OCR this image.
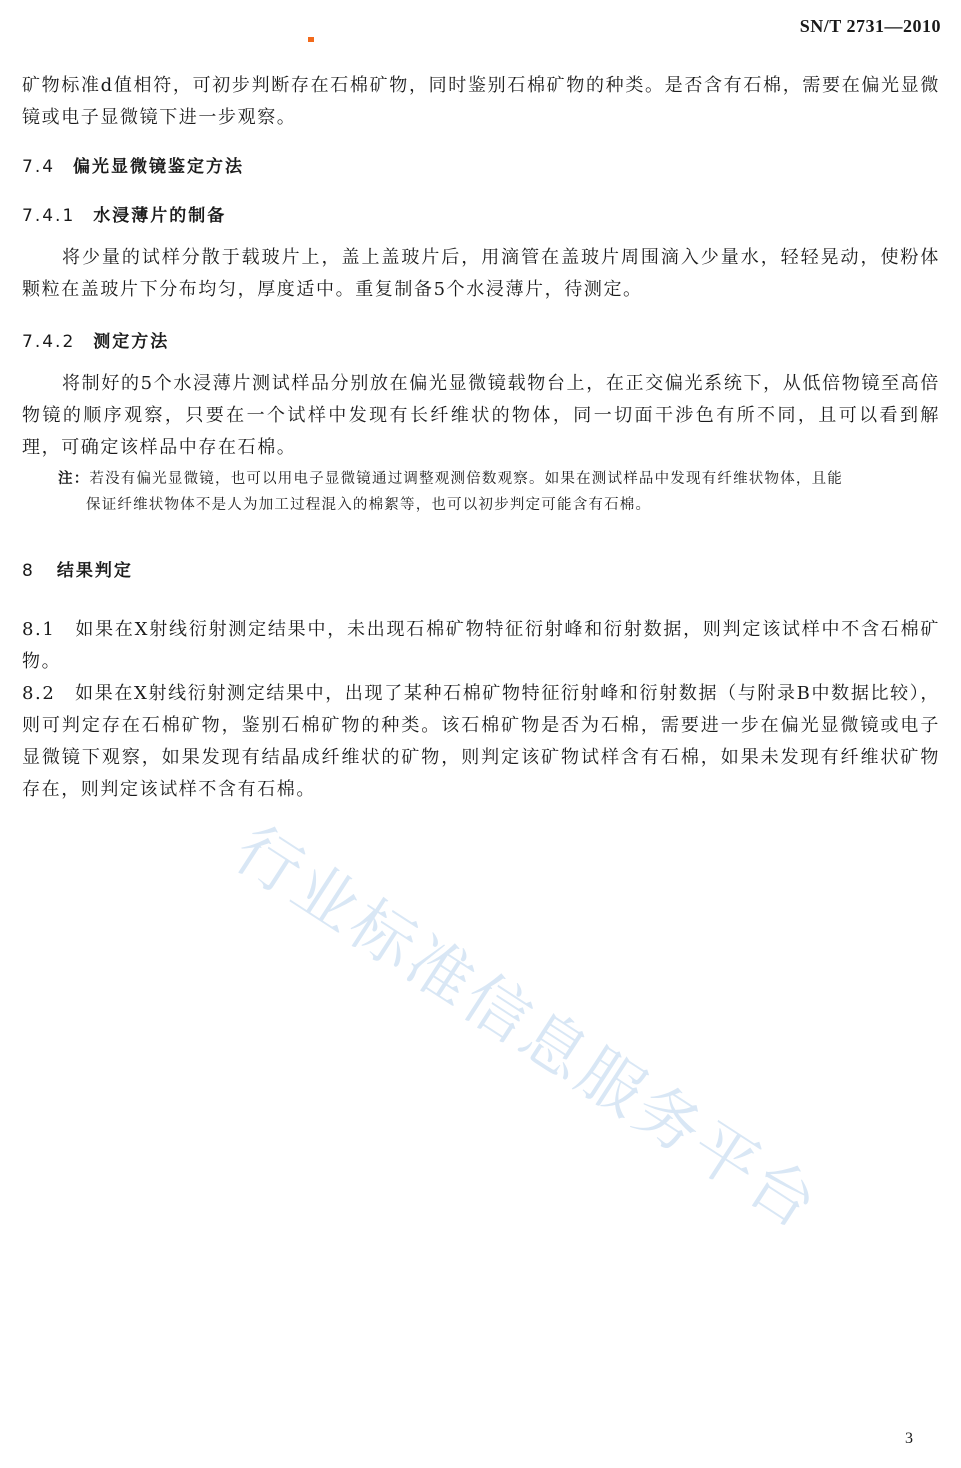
SN/T 2731—2010

矿物标准d值相符，可初步判断存在石棉矿物，同时鉴别石棉矿物的种类。是否含有石棉，需要在偏光显微镜或电子显微镜下进一步观察。

7.4 偏光显微镜鉴定方法
7.4.1 水浸薄片的制备

将少量的试样分散于载玻片上，盖上盖玻片后，用滴管在盖玻片周围滴入少量水，轻轻晃动，使粉体颗粒在盖玻片下分布均匀，厚度适中。重复制备5个水浸薄片，待测定。

7.4.2 测定方法

将制好的5个水浸薄片测试样品分别放在偏光显微镜载物台上，在正交偏光系统下，从低倍物镜至高倍物镜的顺序观察，只要在一个试样中发现有长纤维状的物体，同一切面干涉色有所不同，且可以看到解理，可确定该样品中存在石棉。

注：若没有偏光显微镜，也可以用电子显微镜通过调整观测倍数观察。如果在测试样品中发现有纤维状物体，且能
保证纤维状物体不是人为加工过程混入的棉絮等，也可以初步判定可能含有石棉。
8 结果判定

8.1　如果在X射线衍射测定结果中，未出现石棉矿物特征衍射峰和衍射数据，则判定该试样中不含石棉矿物。

8.2　如果在X射线衍射测定结果中，出现了某种石棉矿物特征衍射峰和衍射数据（与附录B中数据比较），则可判定存在石棉矿物，鉴别石棉矿物的种类。该石棉矿物是否为石棉，需要进一步在偏光显微镜或电子显微镜下观察，如果发现有结晶成纤维状的矿物，则判定该矿物试样含有石棉，如果未发现有纤维状矿物存在，则判定该试样不含有石棉。

行业标准信息服务平台
3
